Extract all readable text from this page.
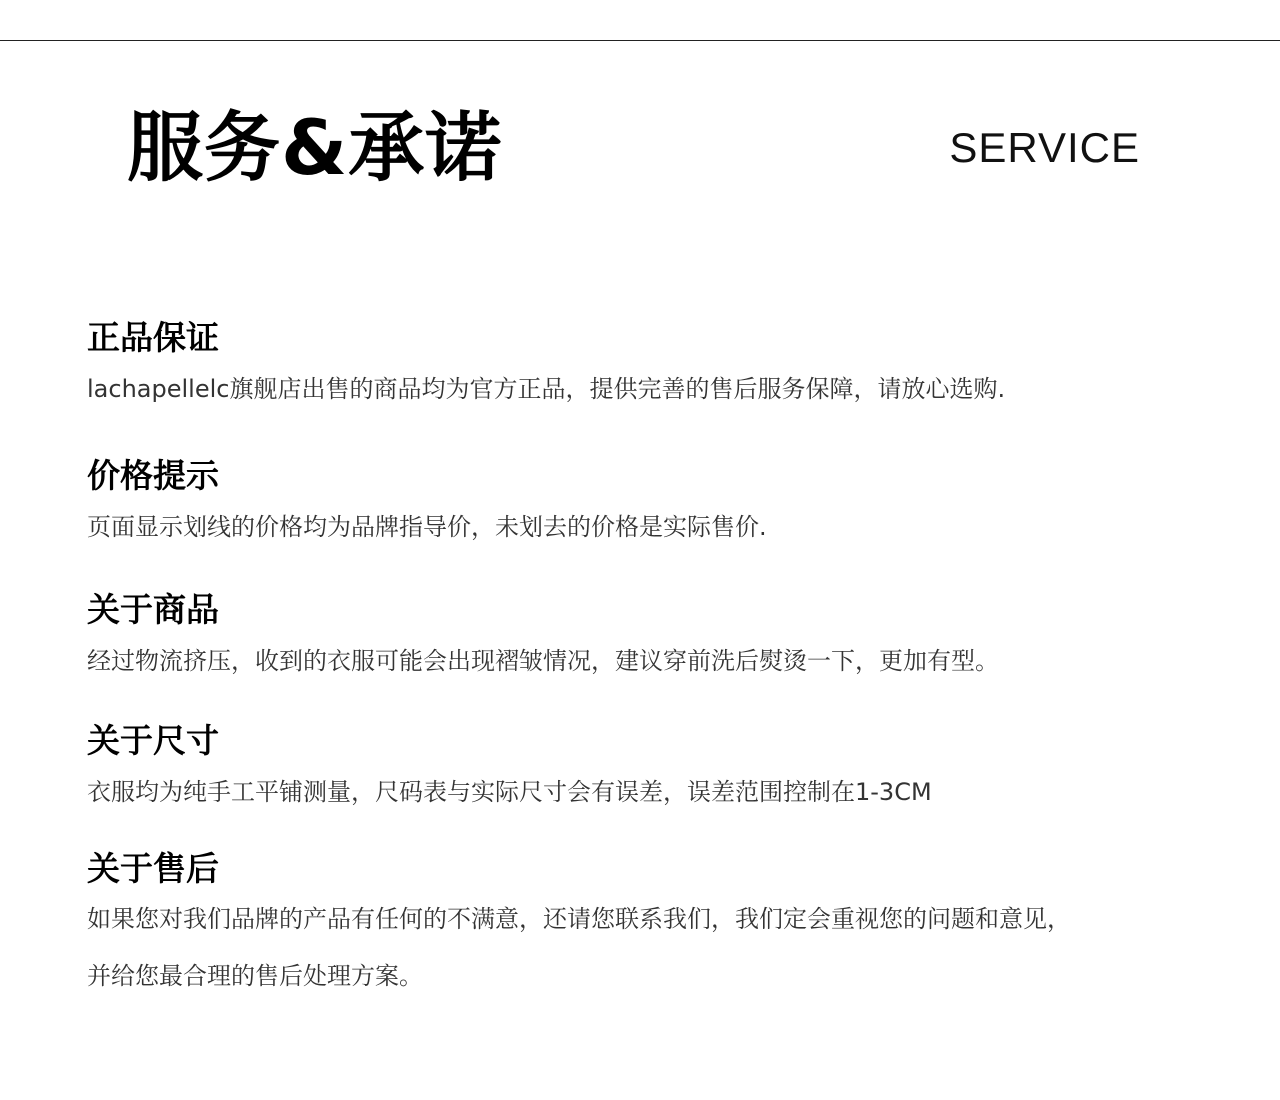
服务&承诺	SERVICE
正品保证

lachapellelc旗舰店出售的商品均为官方正品，提供完善的售后服务保障，请放心选购.

价格提示

页面显示划线的价格均为品牌指导价，未划去的价格是实际售价.

关于商品

经过物流挤压，收到的衣服可能会出现褶皱情况，建议穿前洗后熨烫一下，更加有型。

关于尺寸

衣服均为纯手工平铺测量，尺码表与实际尺寸会有误差，误差范围控制在1-3CM

关于售后

如果您对我们品牌的产品有任何的不满意，还请您联系我们，我们定会重视您的问题和意见，
并给您最合理的售后处理方案。
